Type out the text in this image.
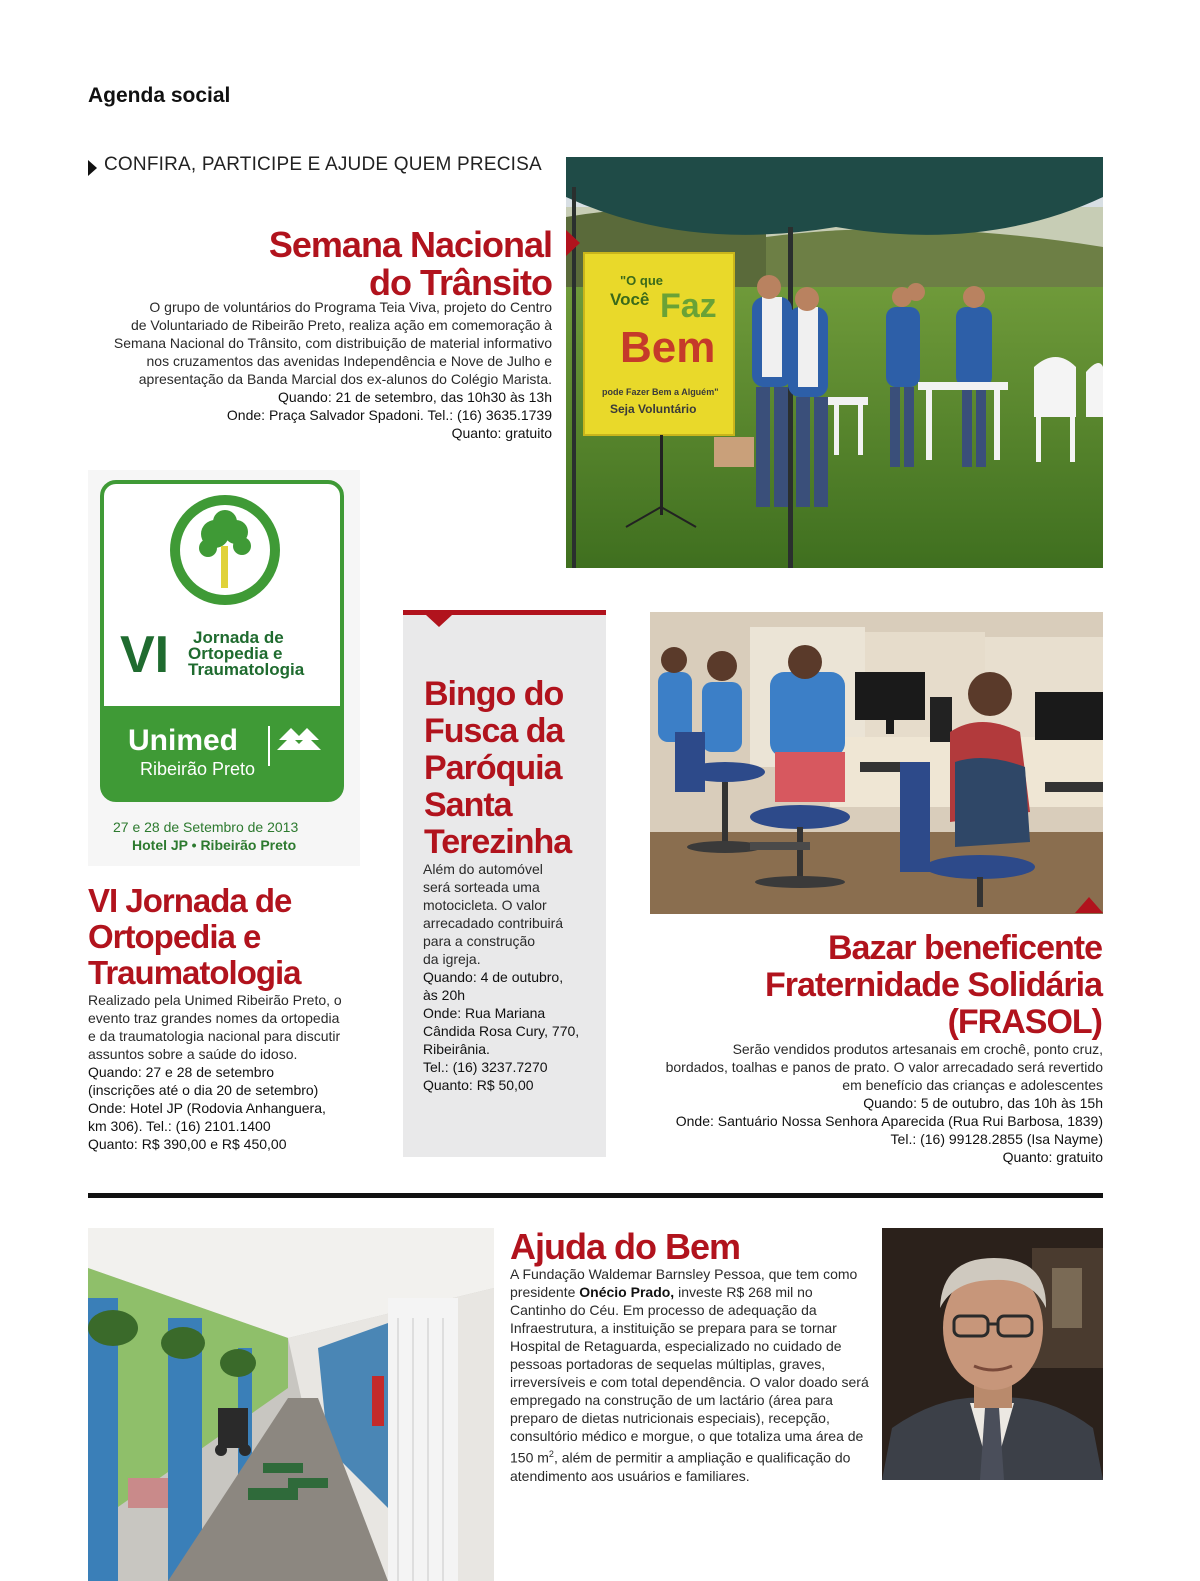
Agenda social
CONFIRA, PARTICIPE E AJUDE QUEM PRECISA
Semana Nacional
do Trânsito
O grupo de voluntários do Programa Teia Viva, projeto do Centro
de Voluntariado de Ribeirão Preto, realiza ação em comemoração à
Semana Nacional do Trânsito, com distribuição de material informativo
nos cruzamentos das avenidas Independência e Nove de Julho e
apresentação da Banda Marcial dos ex-alunos do Colégio Marista.
Quando: 21 de setembro, das 10h30 às 13h
Onde: Praça Salvador Spadoni. Tel.: (16) 3635.1739
Quanto: gratuito
"O que
Você Faz
Bem
pode Fazer Bem a Alguém"
Seja Voluntário
VI Jornada de
Ortopedia e
Traumatologia
Unimed
Ribeirão Preto
27 e 28 de Setembro de 2013
Hotel JP • Ribeirão Preto
VI Jornada de
Ortopedia e
Traumatologia
Realizado pela Unimed Ribeirão Preto, o
evento traz grandes nomes da ortopedia
e da traumatologia nacional para discutir
assuntos sobre a saúde do idoso.
Quando: 27 e 28 de setembro
(inscrições até o dia 20 de setembro)
Onde: Hotel JP (Rodovia Anhanguera,
km 306). Tel.: (16) 2101.1400
Quanto: R$ 390,00 e R$ 450,00
Bingo do
Fusca da
Paróquia
Santa
Terezinha
Além do automóvel
será sorteada uma
motocicleta. O valor
arrecadado contribuirá
para a construção
da igreja.
Quando: 4 de outubro,
às 20h
Onde: Rua Mariana
Cândida Rosa Cury, 770,
Ribeirânia.
Tel.: (16) 3237.7270
Quanto: R$ 50,00
Bazar beneficente
Fraternidade Solidária
(FRASOL)
Serão vendidos produtos artesanais em crochê, ponto cruz,
bordados, toalhas e panos de prato. O valor arrecadado será revertido
em benefício das crianças e adolescentes
Quando: 5 de outubro, das 10h às 15h
Onde: Santuário Nossa Senhora Aparecida (Rua Rui Barbosa, 1839)
Tel.: (16) 99128.2855 (Isa Nayme)
Quanto: gratuito
Ajuda do Bem
A Fundação Waldemar Barnsley Pessoa, que tem como presidente Onécio Prado, investe R$ 268 mil no Cantinho do Céu. Em processo de adequação da Infraestrutura, a instituição se prepara para se tornar Hospital de Retaguarda, especializado no cuidado de pessoas portadoras de sequelas múltiplas, graves, irreversíveis e com total dependência. O valor doado será empregado na construção de um lactário (área para preparo de dietas nutricionais especiais), recepção, consultório médico e morgue, o que totaliza uma área de 150 $m^2$, além de permitir a ampliação e qualificação do atendimento aos usuários e familiares.
